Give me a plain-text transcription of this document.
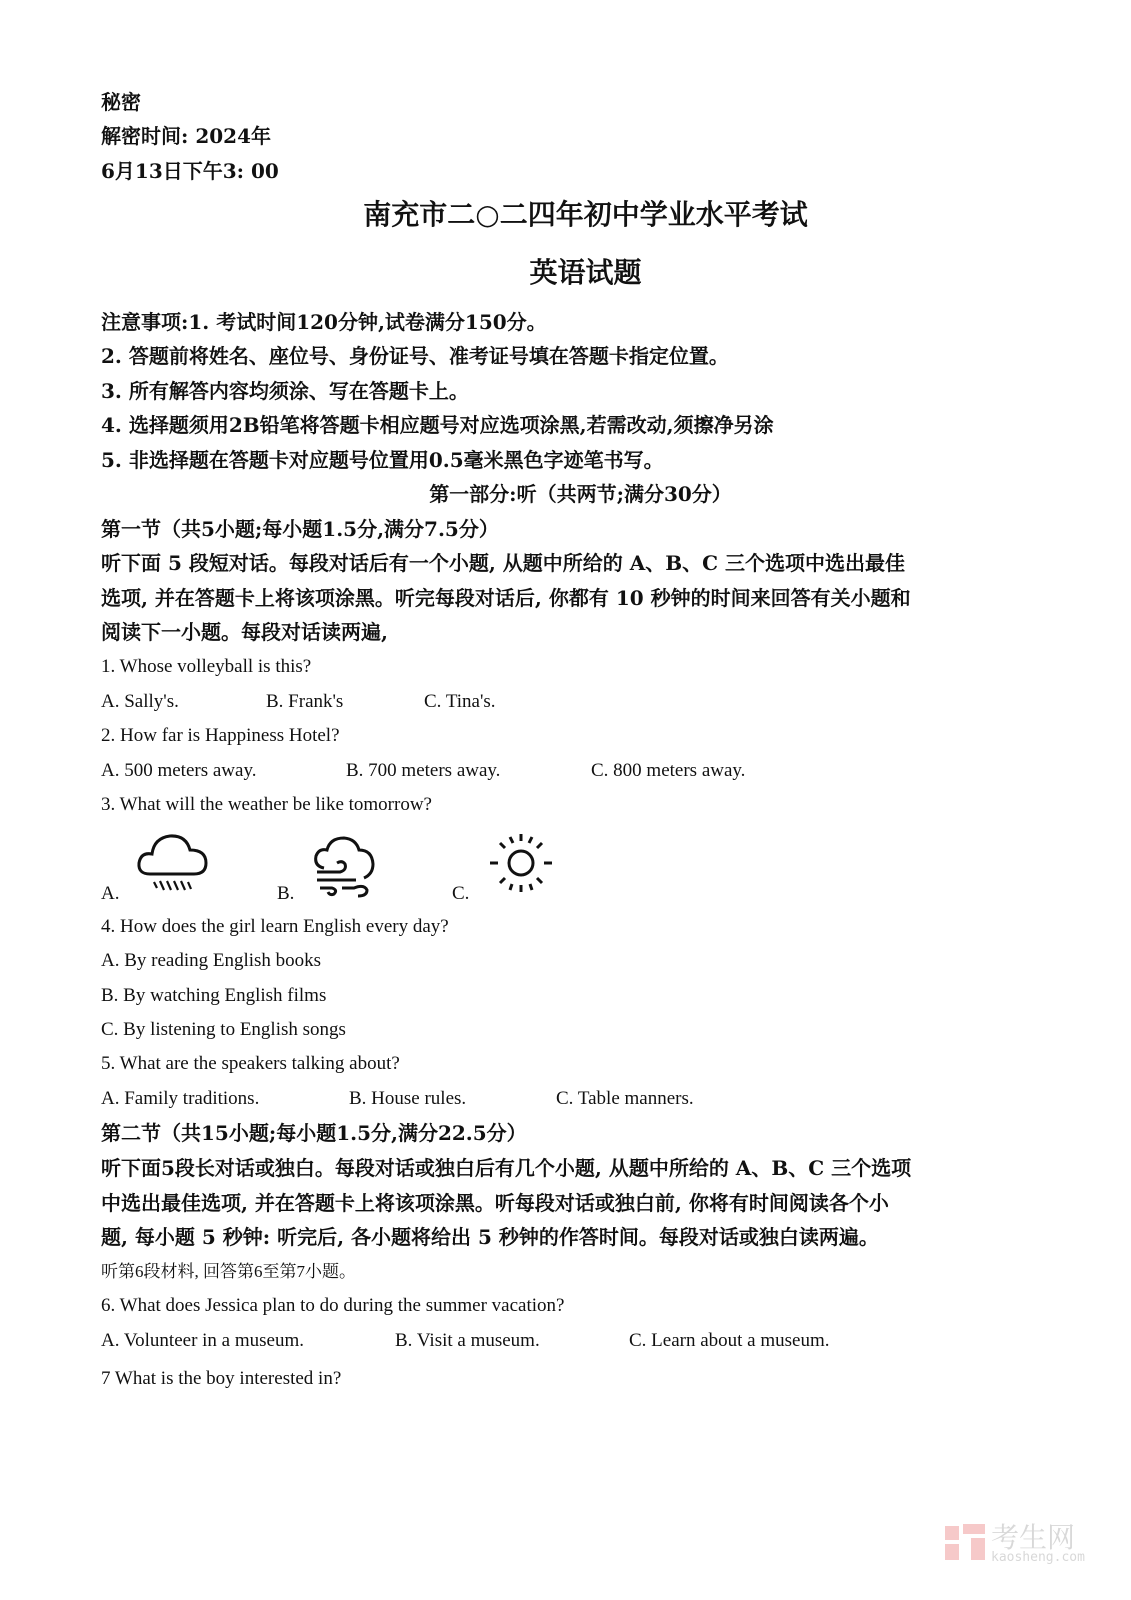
秘密
解密时间: 2024年
6月13日下午3: 00
南充市二○二四年初中学业水平考试
英语试题
注意事项:1. 考试时间120分钟,试卷满分150分。
2. 答题前将姓名、座位号、身份证号、准考证号填在答题卡指定位置。
3. 所有解答内容均须涂、写在答题卡上。
4. 选择题须用2B铅笔将答题卡相应题号对应选项涂黑,若需改动,须擦净另涂
5. 非选择题在答题卡对应题号位置用0.5毫米黑色字迹笔书写。
第一部分:听（共两节;满分30分）
第一节（共5小题;每小题1.5分,满分7.5分）
听下面 5 段短对话。每段对话后有一个小题, 从题中所给的 A、B、C 三个选项中选出最佳
选项, 并在答题卡上将该项涂黑。听完每段对话后, 你都有 10 秒钟的时间来回答有关小题和
阅读下一小题。每段对话读两遍,
1. Whose volleyball is this?
A. Sally's.	B. Frank's	C. Tina's.
2. How far is Happiness Hotel?
A. 500 meters away.	B. 700 meters away.	C. 800 meters away.
3. What will the weather be like tomorrow?
A.	B.	C.
4. How does the girl learn English every day?
A. By reading English books
B. By watching English films
C. By listening to English songs
5. What are the speakers talking about?
A. Family traditions.	B. House rules.	C. Table manners.
第二节（共15小题;每小题1.5分,满分22.5分）
听下面5段长对话或独白。每段对话或独白后有几个小题, 从题中所给的 A、B、C 三个选项
中选出最佳选项, 并在答题卡上将该项涂黑。听每段对话或独白前, 你将有时间阅读各个小
题, 每小题 5 秒钟: 听完后, 各小题将给出 5 秒钟的作答时间。每段对话或独白读两遍。
听第6段材料, 回答第6至第7小题。
6. What does Jessica plan to do during the summer vacation?
A. Volunteer in a museum.	B. Visit a museum.	C. Learn about a museum.
7 What is the boy interested in?
考生网
kaosheng.com
